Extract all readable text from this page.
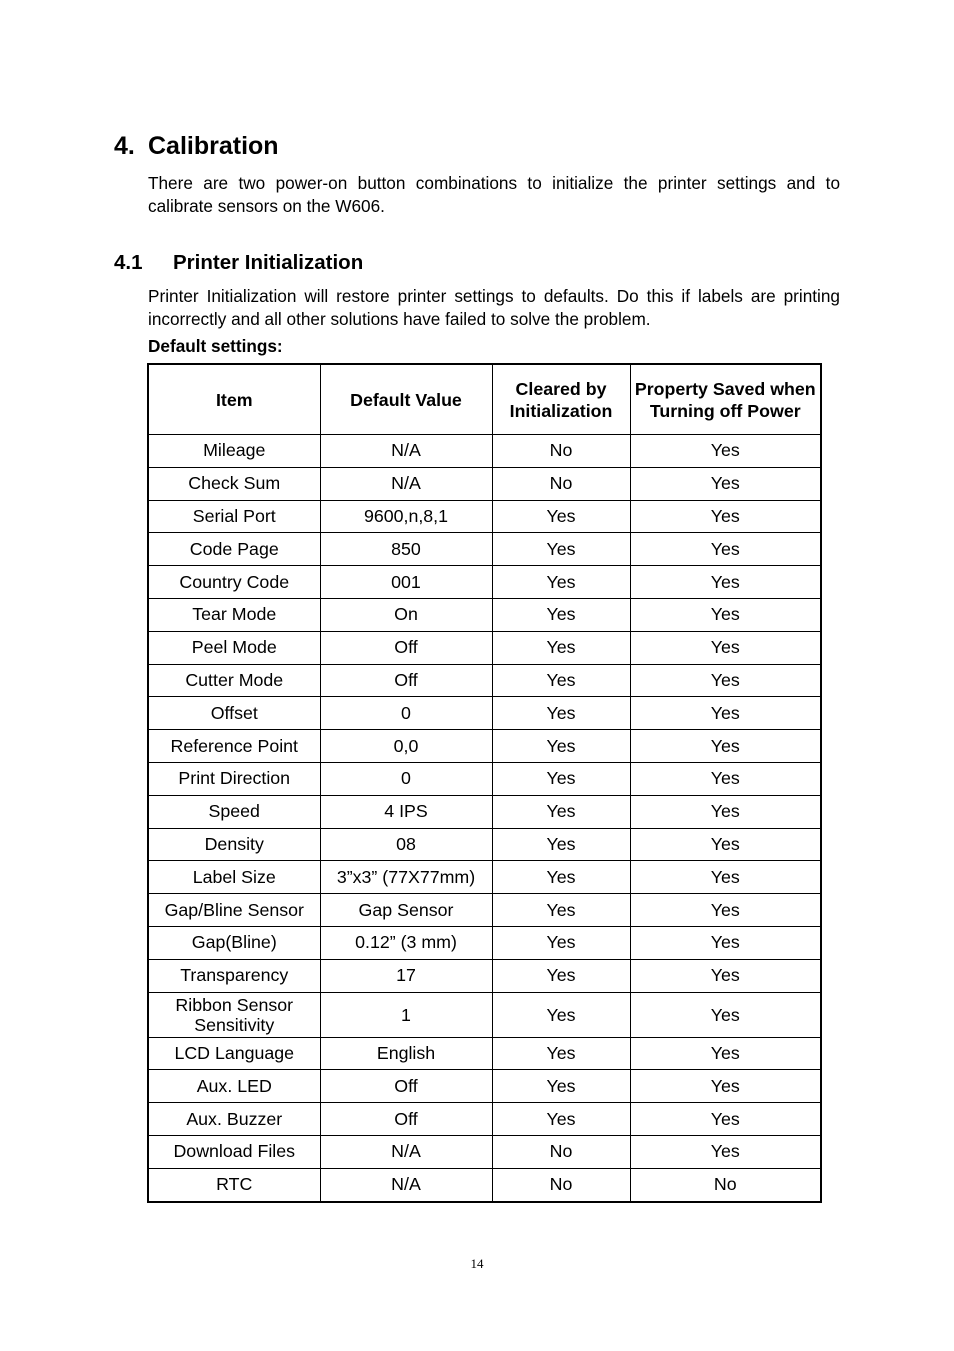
4. Calibration
There are two power-on button combinations to initialize the printer settings and to calibrate sensors on the W606.
4.1 Printer Initialization
Printer Initialization will restore printer settings to defaults. Do this if labels are printing incorrectly and all other solutions have failed to solve the problem.
Default settings:
Item	Default Value	Cleared by Initialization	Property Saved when Turning off Power
Mileage	N/A	No	Yes
Check Sum	N/A	No	Yes
Serial Port	9600,n,8,1	Yes	Yes
Code Page	850	Yes	Yes
Country Code	001	Yes	Yes
Tear Mode	On	Yes	Yes
Peel Mode	Off	Yes	Yes
Cutter Mode	Off	Yes	Yes
Offset	0	Yes	Yes
Reference Point	0,0	Yes	Yes
Print Direction	0	Yes	Yes
Speed	4 IPS	Yes	Yes
Density	08	Yes	Yes
Label Size	3”x3” (77X77mm)	Yes	Yes
Gap/Bline Sensor	Gap Sensor	Yes	Yes
Gap(Bline)	0.12” (3 mm)	Yes	Yes
Transparency	17	Yes	Yes
Ribbon Sensor Sensitivity	1	Yes	Yes
LCD Language	English	Yes	Yes
Aux. LED	Off	Yes	Yes
Aux. Buzzer	Off	Yes	Yes
Download Files	N/A	No	Yes
RTC	N/A	No	No
14
